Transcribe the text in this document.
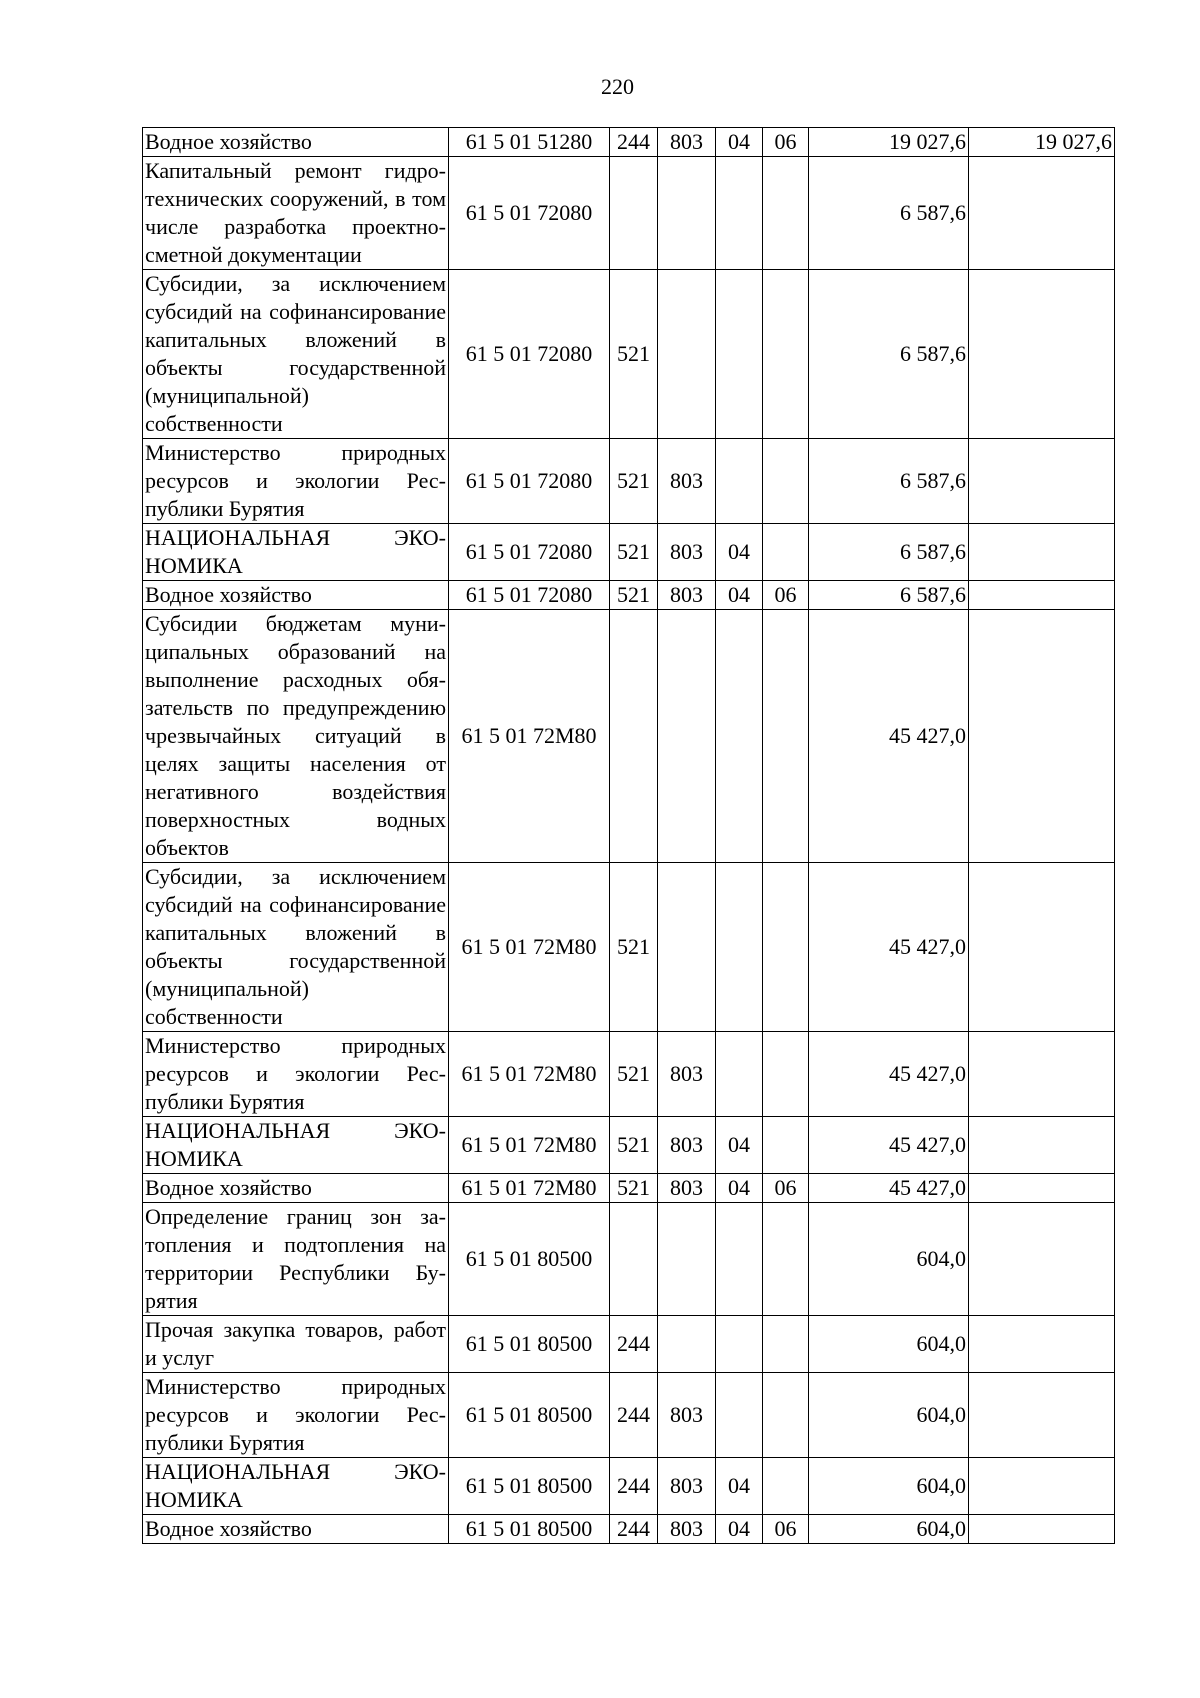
220
Водное хозяйство	61 5 01 51280	244	803	04	06	19 027,6	19 027,6
Капитальный ремонт гидротехнических сооружений, в том числе разработка проектно-сметной документации	61 5 01 72080					6 587,6	
Субсидии, за исключением субсидий на софинансирование капитальных вложений в объекты государственной (муниципальной) собственности	61 5 01 72080	521				6 587,6	
Министерство природных ресурсов и экологии Республики Бурятия	61 5 01 72080	521	803			6 587,6	
НАЦИОНАЛЬНАЯ ЭКОНОМИКА	61 5 01 72080	521	803	04		6 587,6	
Водное хозяйство	61 5 01 72080	521	803	04	06	6 587,6	
Субсидии бюджетам муниципальных образований на выполнение расходных обязательств по предупреждению чрезвычайных ситуаций в целях защиты населения от негативного воздействия поверхностных водных объектов	61 5 01 72M80					45 427,0	
Субсидии, за исключением субсидий на софинансирование капитальных вложений в объекты государственной (муниципальной) собственности	61 5 01 72M80	521				45 427,0	
Министерство природных ресурсов и экологии Республики Бурятия	61 5 01 72M80	521	803			45 427,0	
НАЦИОНАЛЬНАЯ ЭКОНОМИКА	61 5 01 72M80	521	803	04		45 427,0	
Водное хозяйство	61 5 01 72M80	521	803	04	06	45 427,0	
Определение границ зон затопления и подтопления на территории Республики Бурятия	61 5 01 80500					604,0	
Прочая закупка товаров, работ и услуг	61 5 01 80500	244				604,0	
Министерство природных ресурсов и экологии Республики Бурятия	61 5 01 80500	244	803			604,0	
НАЦИОНАЛЬНАЯ ЭКОНОМИКА	61 5 01 80500	244	803	04		604,0	
Водное хозяйство	61 5 01 80500	244	803	04	06	604,0	
